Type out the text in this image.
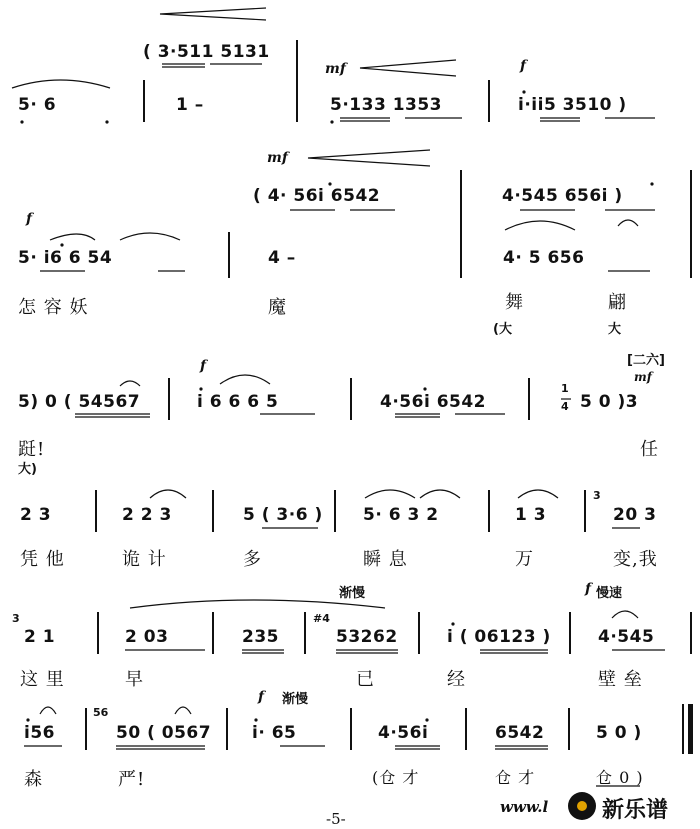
( 3·511 5131
5· 6	1 –
mf
5·133 1353
f
i·ii5 3510 )
mf
( 4· 56i 6542	4·545 656i )
f
5· i6 6 54	4 –	4· 5 656
怎 容 妖	魔	舞	翩
(大	大
f
5) 0 ( 54567	i 6 6 6 5	4·56i 6542
1
4 5 0 )3
[二六]
mf
跹!	任
大)
2 3	2 2 3	5 ( 3·6 ) 5· 6 3 2	1 3
3
20 3
凭 他	诡 计	多	瞬 息	万	变,我
3
2 1	2 03	235
渐慢
#4
53262	i ( 06123 )
f 慢速
4·545
这 里	早	已	经	壁 垒
i56
56
50 ( 0567
f 渐慢
i· 65	4·56i	6542	5 0 )
森	严!	(仓 才	仓 才	仓 0 )
-5-
www.l 新乐谱
